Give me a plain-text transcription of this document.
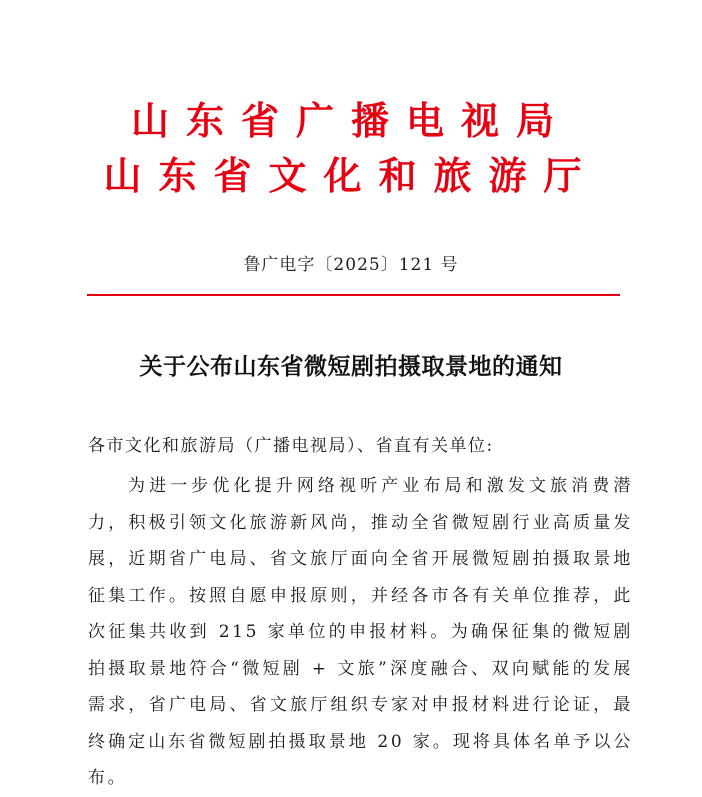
山东省广播电视局
山东省文化和旅游厅
鲁广电字〔2025〕121 号
关于公布山东省微短剧拍摄取景地的通知
各市文化和旅游局（广播电视局）、省直有关单位:
为进一步优化提升网络视听产业布局和激发文旅消费潜力，积极引领文化旅游新风尚，推动全省微短剧行业高质量发展，近期省广电局、省文旅厅面向全省开展微短剧拍摄取景地征集工作。按照自愿申报原则，并经各市各有关单位推荐，此次征集共收到 215 家单位的申报材料。为确保征集的微短剧拍摄取景地符合“微短剧 + 文旅”深度融合、双向赋能的发展需求，省广电局、省文旅厅组织专家对申报材料进行论证，最终确定山东省微短剧拍摄取景地 20 家。现将具体名单予以公布。
